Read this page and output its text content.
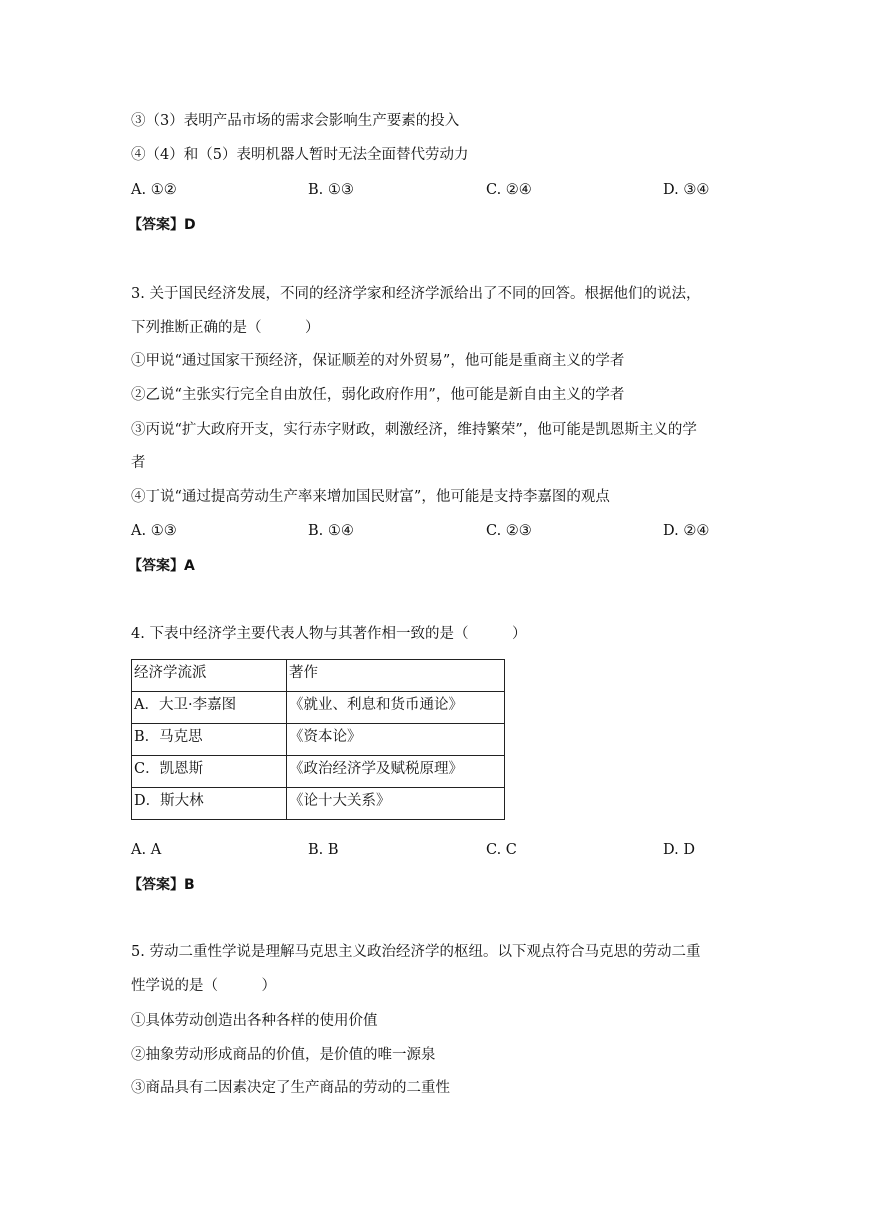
③（3）表明产品市场的需求会影响生产要素的投入
④（4）和（5）表明机器人暂时无法全面替代劳动力
A. ①②	B. ①③	C. ②④	D. ③④
【答案】D
3. 关于国民经济发展，不同的经济学家和经济学派给出了不同的回答。根据他们的说法，
下列推断正确的是（　　　）
①甲说“通过国家干预经济，保证顺差的对外贸易”，他可能是重商主义的学者
②乙说“主张实行完全自由放任，弱化政府作用”，他可能是新自由主义的学者
③丙说“扩大政府开支，实行赤字财政，刺激经济，维持繁荣”，他可能是凯恩斯主义的学
者
④丁说“通过提高劳动生产率来增加国民财富”，他可能是支持李嘉图的观点
A. ①③	B. ①④	C. ②③	D. ②④
【答案】A
4. 下表中经济学主要代表人物与其著作相一致的是（　　　）
经济学流派	著作
A．大卫·李嘉图	《就业、利息和货币通论》
B．马克思	《资本论》
C．凯恩斯	《政治经济学及赋税原理》
D．斯大林	《论十大关系》
A. A	B. B	C. C	D. D
【答案】B
5. 劳动二重性学说是理解马克思主义政治经济学的枢纽。以下观点符合马克思的劳动二重
性学说的是（　　　）
①具体劳动创造出各种各样的使用价值
②抽象劳动形成商品的价值，是价值的唯一源泉
③商品具有二因素决定了生产商品的劳动的二重性
